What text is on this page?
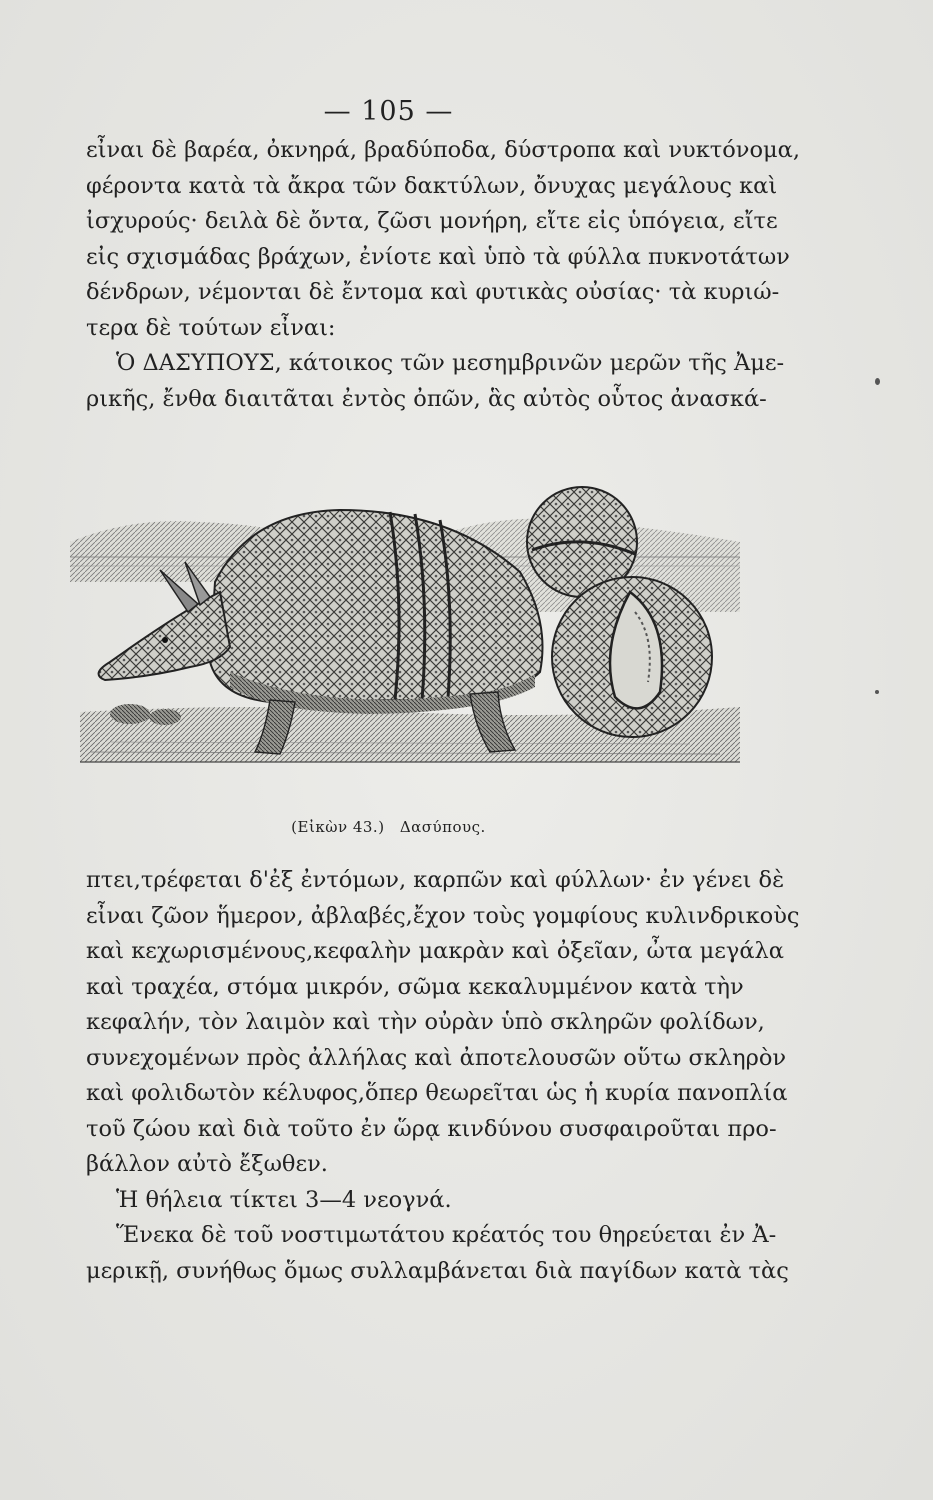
— 105 —
εἶναι δὲ βαρέα, ὀκνηρά, βραδύποδα, δύστροπα καὶ νυκτόνομα,
φέροντα κατὰ τὰ ἄκρα τῶν δακτύλων, ὄνυχας μεγάλους καὶ
ἰσχυρούς· δειλὰ δὲ ὄντα, ζῶσι μονήρη, εἴτε εἰς ὑπόγεια, εἴτε
εἰς σχισμάδας βράχων, ἐνίοτε καὶ ὑπὸ τὰ φύλλα πυκνοτάτων
δένδρων, νέμονται δὲ ἔντομα καὶ φυτικὰς οὐσίας· τὰ κυριώ-
τερα δὲ τούτων εἶναι:
Ὁ ΔΑΣΥΠΟΥΣ, κάτοικος τῶν μεσημβρινῶν μερῶν τῆς Ἀμε-
ρικῆς, ἔνθα διαιτᾶται ἐντὸς ὀπῶν, ἃς αὐτὸς οὗτος ἀνασκά-
(Εἰκὼν 43.) Δασύπους.
πτει,τρέφεται δ'ἐξ ἐντόμων, καρπῶν καὶ φύλλων· ἐν γένει δὲ
εἶναι ζῶον ἥμερον, ἀβλαβές,ἔχον τοὺς γομφίους κυλινδρικοὺς
καὶ κεχωρισμένους,κεφαλὴν μακρὰν καὶ ὀξεῖαν, ὦτα μεγάλα
καὶ τραχέα, στόμα μικρόν, σῶμα κεκαλυμμένον κατὰ τὴν
κεφαλήν, τὸν λαιμὸν καὶ τὴν οὐρὰν ὑπὸ σκληρῶν φολίδων,
συνεχομένων πρὸς ἀλλήλας καὶ ἀποτελουσῶν οὕτω σκληρὸν
καὶ φολιδωτὸν κέλυφος,ὅπερ θεωρεῖται ὡς ἡ κυρία πανοπλία
τοῦ ζώου καὶ διὰ τοῦτο ἐν ὥρᾳ κινδύνου συσφαιροῦται προ-
βάλλον αὐτὸ ἔξωθεν.
Ἡ θήλεια τίκτει 3—4 νεογνά.
Ἕνεκα δὲ τοῦ νοστιμωτάτου κρέατός του θηρεύεται ἐν Ἀ-
μερικῇ, συνήθως ὅμως συλλαμβάνεται διὰ παγίδων κατὰ τὰς
